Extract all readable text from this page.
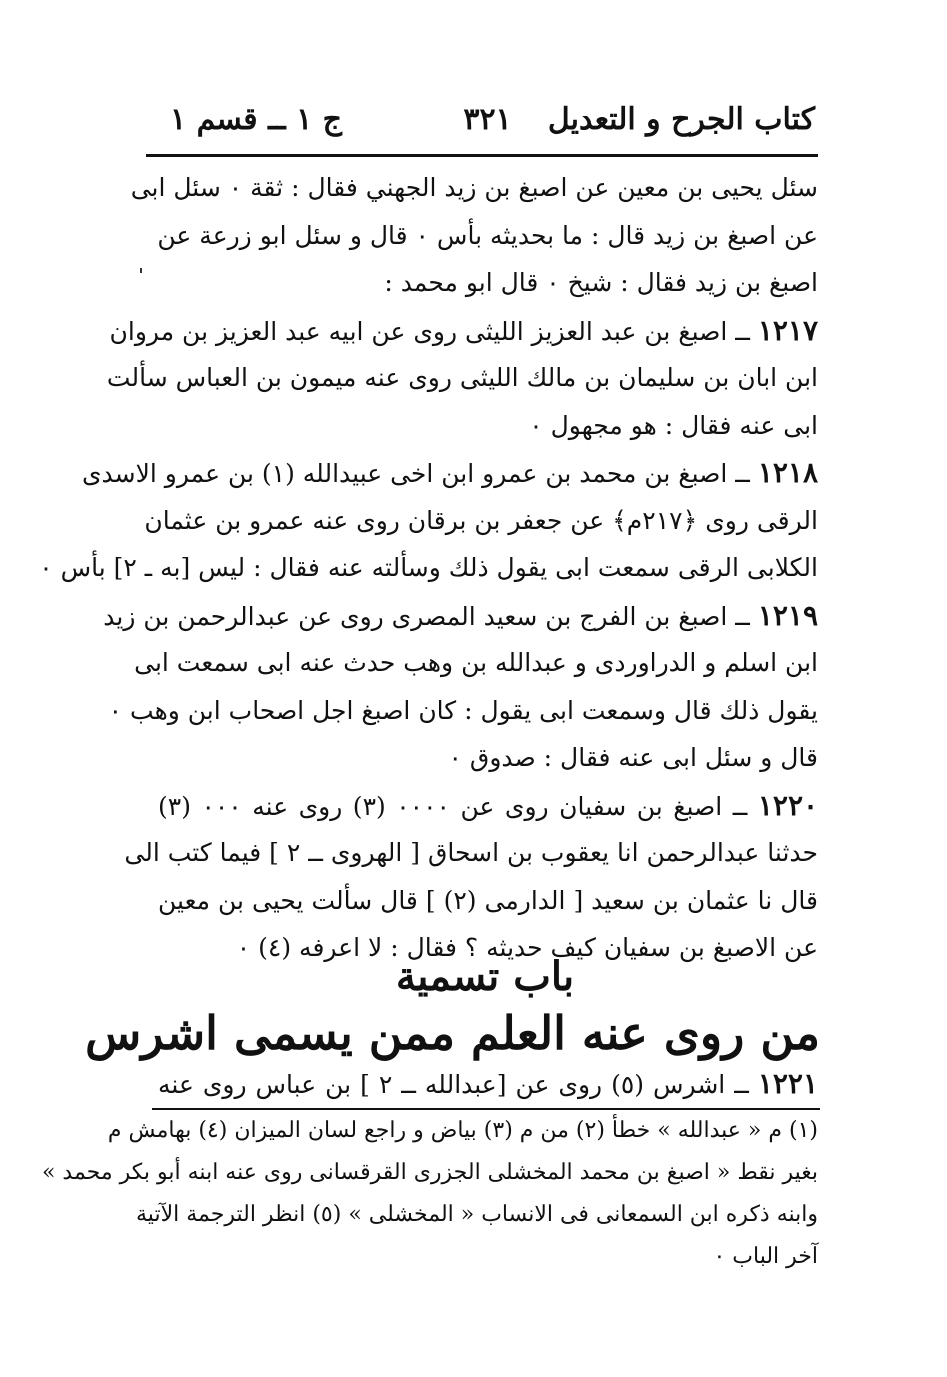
كتاب الجرح و التعديل
٣٢١
ج ١ ــ قسم ١
سئل يحيى بن معين عن اصبغ بن زيد الجهني فقال : ثقة ٠ سئل ابى
عن اصبغ بن زيد قال : ما بحديثه بأس ٠ قال و سئل ابو زرعة عن
اصبغ بن زيد فقال : شيخ ٠ قال ابو محمد :
١٢١٧ ــ اصبغ بن عبد العزيز الليثى روى عن ابيه عبد العزيز بن مروان
ابن ابان بن سليمان بن مالك الليثى روى عنه ميمون بن العباس سألت
ابى عنه فقال : هو مجهول ٠
١٢١٨ ــ اصبغ بن محمد بن عمرو ابن اخى عبيدالله (١) بن عمرو الاسدى
الرقى روى ﴿٢١٧م﴾ عن جعفر بن برقان روى عنه عمرو بن عثمان
الكلابى الرقى سمعت ابى يقول ذلك وسألته عنه فقال : ليس [به ـ ٢] بأس ٠
١٢١٩ ــ اصبغ بن الفرج بن سعيد المصرى روى عن عبدالرحمن بن زيد
ابن اسلم و الدراوردى و عبدالله بن وهب حدث عنه ابى سمعت ابى
يقول ذلك قال وسمعت ابى يقول : كان اصبغ اجل اصحاب ابن وهب ٠
قال و سئل ابى عنه فقال : صدوق ٠
١٢٢٠ ــ اصبغ بن سفيان روى عن ٠٠٠٠ (٣) روى عنه ٠٠٠ (٣)
حدثنا عبدالرحمن انا يعقوب بن اسحاق [ الهروى ــ ٢ ] فيما كتب الى
قال نا عثمان بن سعيد [ الدارمى (٢) ] قال سألت يحيى بن معين
عن الاصبغ بن سفيان كيف حديثه ؟ فقال : لا اعرفه (٤) ٠
باب تسمية
من روى عنه العلم ممن يسمى اشرس
١٢٢١ ــ اشرس (٥) روى عن [عبدالله ــ ٢ ] بن عباس روى عنه
(١) م « عبدالله » خطأ (٢) من م (٣) بياض و راجع لسان الميزان (٤) بهامش م
بغير نقط « اصبغ بن محمد المخشلى الجزرى القرقسانى روى عنه ابنه أبو بكر محمد »
وابنه ذكره ابن السمعانى فى الانساب « المخشلى » (٥) انظر الترجمة الآتية
آخر الباب ٠
